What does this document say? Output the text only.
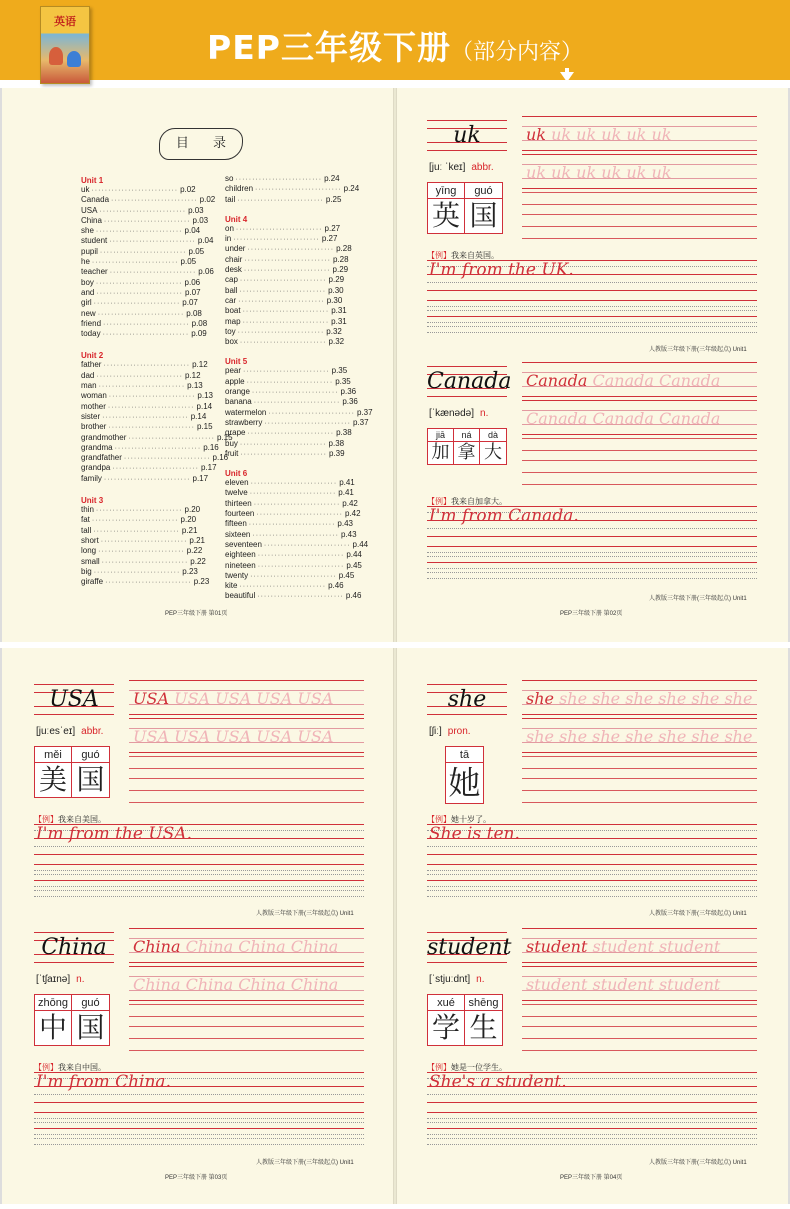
英语
PEP三年级下册（部分内容）
目 录
Unit 1
uk ·························· p.02
Canada ·························· p.02
USA ·························· p.03
China ·························· p.03
she ·························· p.04
student ·························· p.04
pupil ·························· p.05
he ·························· p.05
teacher ·························· p.06
boy ·························· p.06
and ·························· p.07
girl ·························· p.07
new ·························· p.08
friend ·························· p.08
today ·························· p.09
Unit 2
father ·························· p.12
dad ·························· p.12
man ·························· p.13
woman ·························· p.13
mother ·························· p.14
sister ·························· p.14
brother ·························· p.15
grandmother ·························· p.15
grandma ·························· p.16
grandfather ·························· p.16
grandpa ·························· p.17
family ·························· p.17
Unit 3
thin ·························· p.20
fat ·························· p.20
tall ·························· p.21
short ·························· p.21
long ·························· p.22
small ·························· p.22
big ·························· p.23
giraffe ·························· p.23
so ·························· p.24
children ·························· p.24
tail ·························· p.25
Unit 4
on ·························· p.27
in ·························· p.27
under ·························· p.28
chair ·························· p.28
desk ·························· p.29
cap ·························· p.29
ball ·························· p.30
car ·························· p.30
boat ·························· p.31
map ·························· p.31
toy ·························· p.32
box ·························· p.32
Unit 5
pear ·························· p.35
apple ·························· p.35
orange ·························· p.36
banana ·························· p.36
watermelon ·························· p.37
strawberry ·························· p.37
grape ·························· p.38
buy ·························· p.38
fruit ·························· p.39
Unit 6
eleven ·························· p.41
twelve ·························· p.41
thirteen ·························· p.42
fourteen ·························· p.42
fifteen ·························· p.43
sixteen ·························· p.43
seventeen ·························· p.44
eighteen ·························· p.44
nineteen ·························· p.45
twenty ·························· p.45
kite ·························· p.46
beautiful ·························· p.46
PEP三年级下册 第01页
uk
[juː ˈkeɪ] abbr.
yīng
英
guó
国
uk uk uk uk uk uk
uk uk uk uk uk uk
【例】我来自英国。
I'm from the UK.
人教版三年级下册(三年级起点) Unit1
Canada
[ˈkænədə] n.
jiā
加
ná
拿
dà
大
Canada Canada Canada
Canada Canada Canada
【例】我来自加拿大。
I'm from Canada.
人教版三年级下册(三年级起点) Unit1
PEP三年级下册 第02页
USA
[juːesˈeɪ] abbr.
měi
美
guó
国
USA USA USA USA USA
USA USA USA USA USA
【例】我来自美国。
I'm from the USA.
人教版三年级下册(三年级起点) Unit1
China
[ˈtʃaɪnə] n.
zhōng
中
guó
国
China China China China
China China China China
【例】我来自中国。
I'm from China.
人教版三年级下册(三年级起点) Unit1
PEP三年级下册 第03页
she
[ʃiː] pron.
tā
她
she she she she she she she
she she she she she she she
【例】她十岁了。
She is ten.
人教版三年级下册(三年级起点) Unit1
student
[ˈstjuːdnt] n.
xué
学
shēng
生
student student student
student student student
【例】她是一位学生。
She's a student.
人教版三年级下册(三年级起点) Unit1
PEP三年级下册 第04页
